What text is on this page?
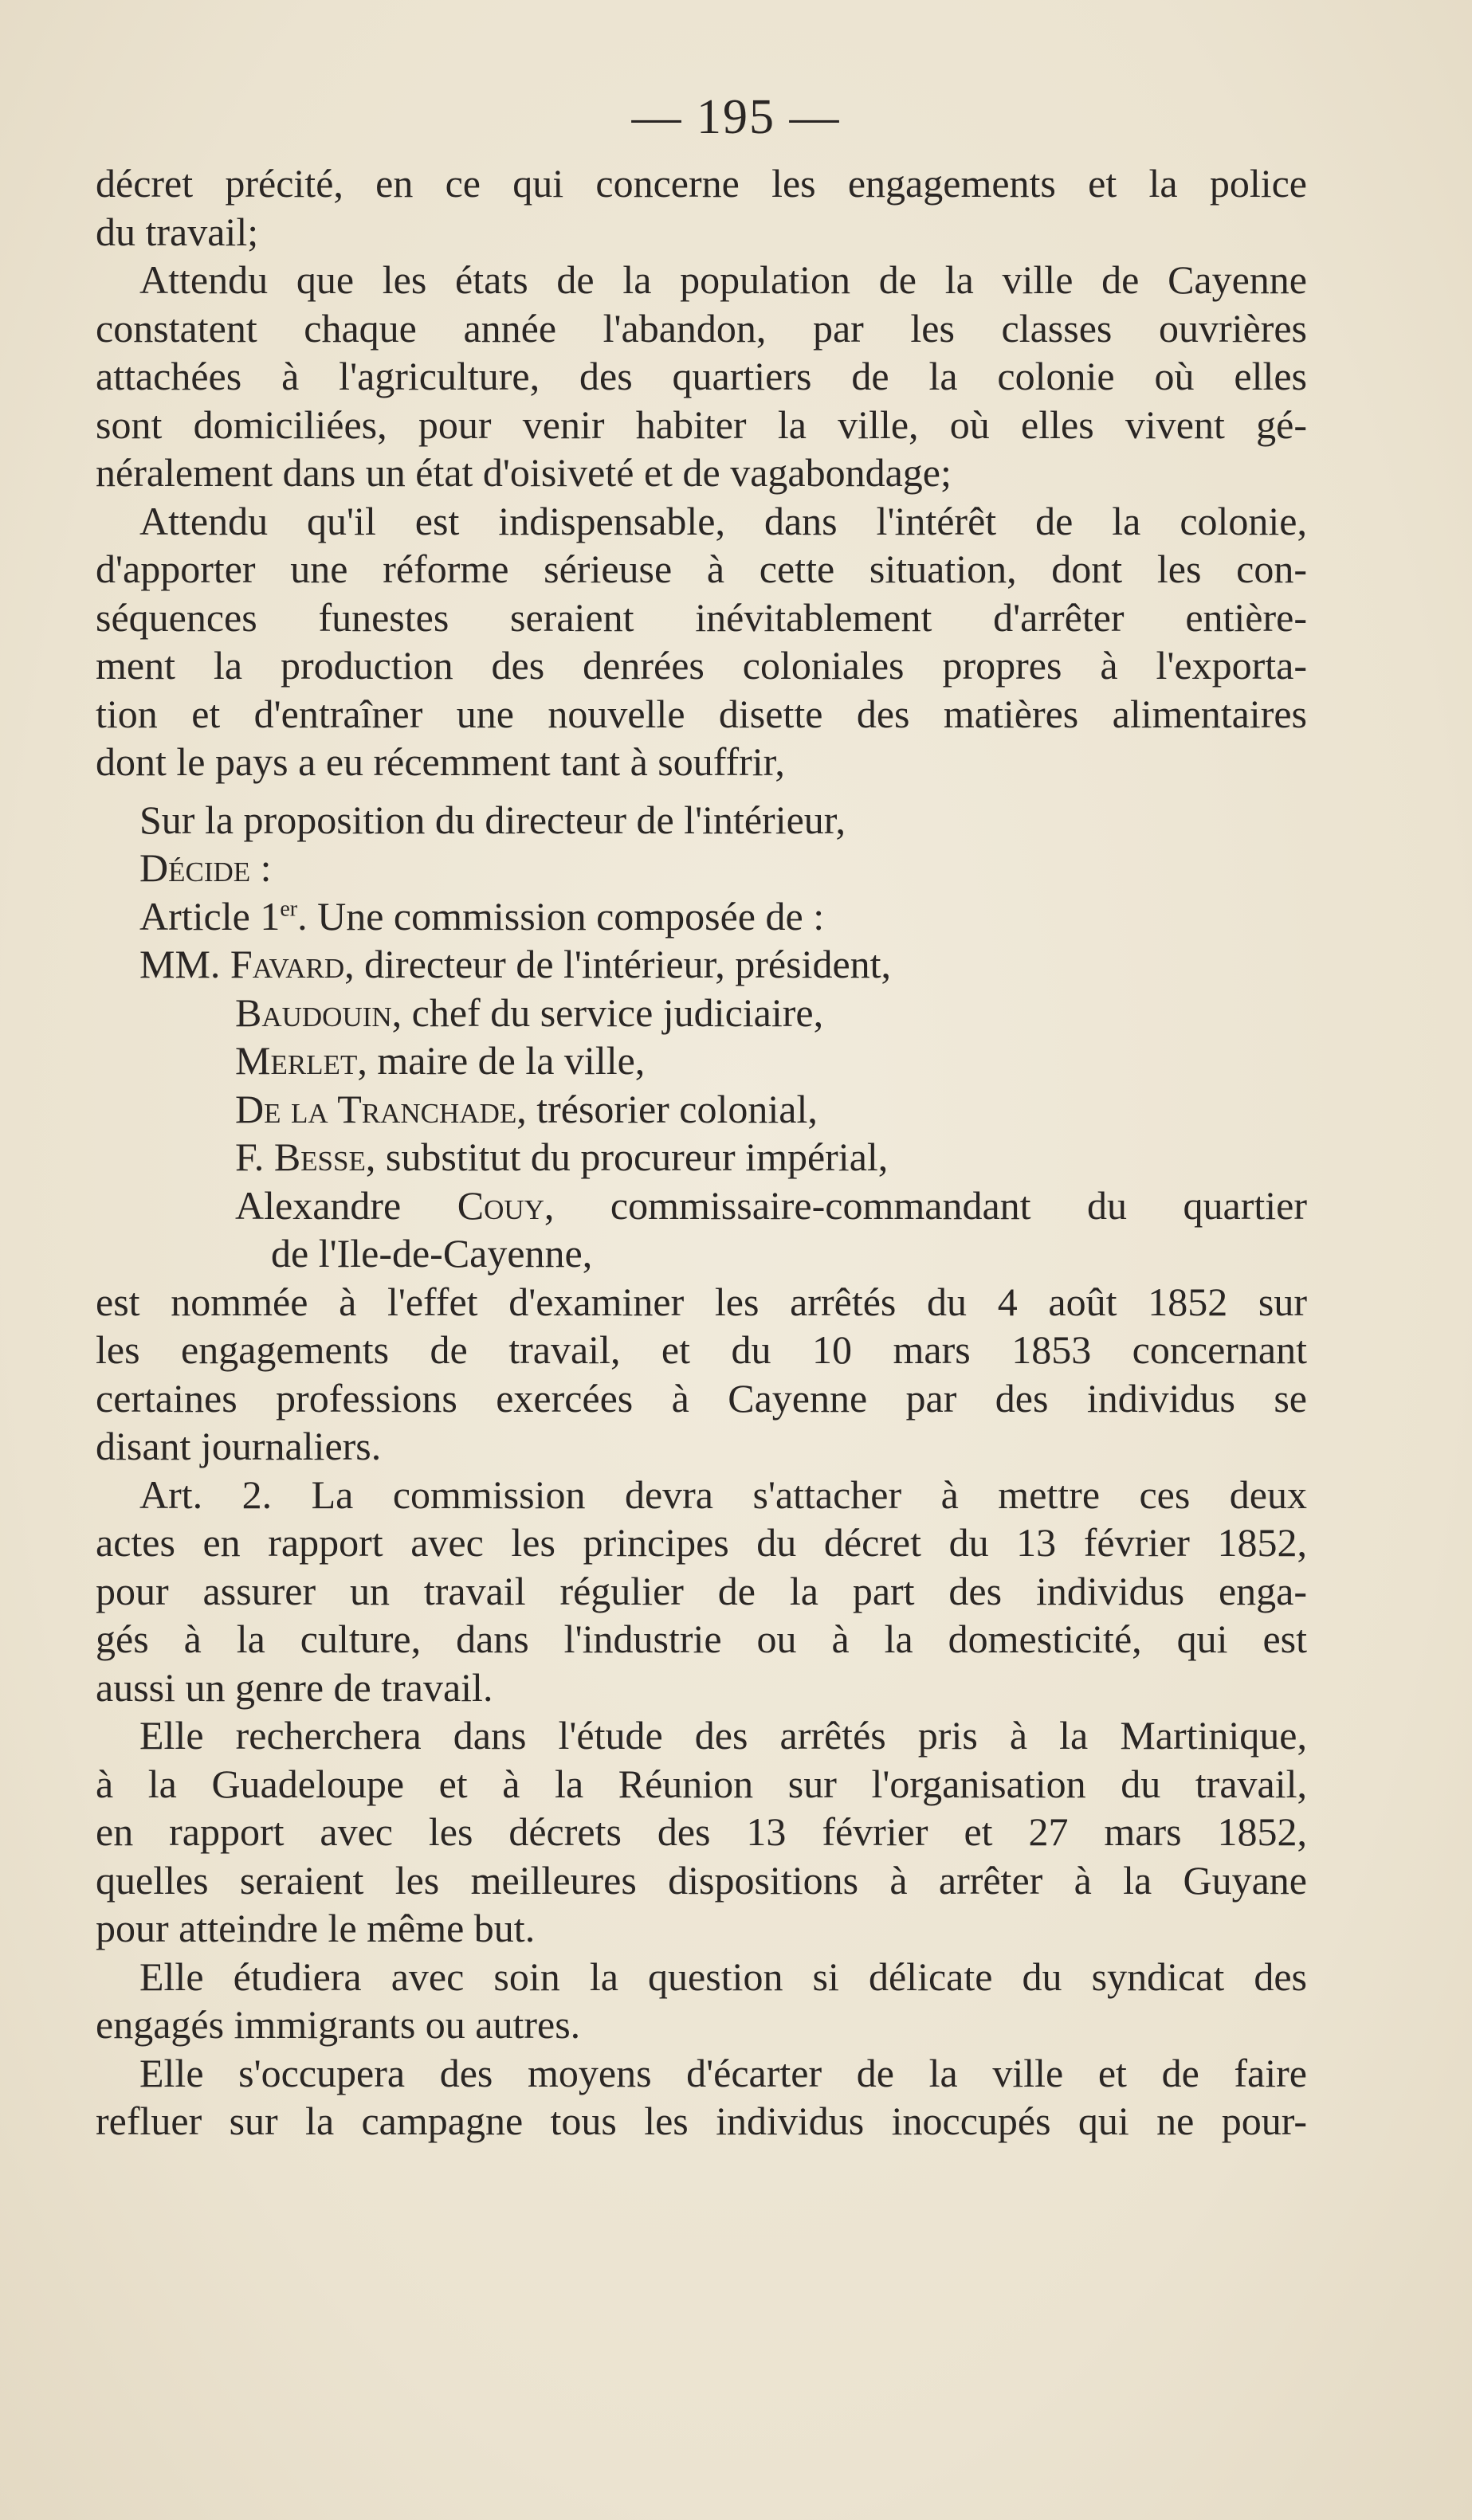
— 195 —
décret précité, en ce qui concerne les engagements et la police
du travail;
Attendu que les états de la population de la ville de Cayenne
constatent chaque année l'abandon, par les classes ouvrières
attachées à l'agriculture, des quartiers de la colonie où elles
sont domiciliées, pour venir habiter la ville, où elles vivent gé-
néralement dans un état d'oisiveté et de vagabondage;
Attendu qu'il est indispensable, dans l'intérêt de la colonie,
d'apporter une réforme sérieuse à cette situation, dont les con-
séquences funestes seraient inévitablement d'arrêter entière-
ment la production des denrées coloniales propres à l'exporta-
tion et d'entraîner une nouvelle disette des matières alimentaires
dont le pays a eu récemment tant à souffrir,
Sur la proposition du directeur de l'intérieur,
Décide :
Article 1er. Une commission composée de :
MM. Favard, directeur de l'intérieur, président,
Baudouin, chef du service judiciaire,
Merlet, maire de la ville,
De la Tranchade, trésorier colonial,
F. Besse, substitut du procureur impérial,
Alexandre Couy, commissaire-commandant du quartier
de l'Ile-de-Cayenne,
est nommée à l'effet d'examiner les arrêtés du 4 août 1852 sur
les engagements de travail, et du 10 mars 1853 concernant
certaines professions exercées à Cayenne par des individus se
disant journaliers.
Art. 2. La commission devra s'attacher à mettre ces deux
actes en rapport avec les principes du décret du 13 février 1852,
pour assurer un travail régulier de la part des individus enga-
gés à la culture, dans l'industrie ou à la domesticité, qui est
aussi un genre de travail.
Elle recherchera dans l'étude des arrêtés pris à la Martinique,
à la Guadeloupe et à la Réunion sur l'organisation du travail,
en rapport avec les décrets des 13 février et 27 mars 1852,
quelles seraient les meilleures dispositions à arrêter à la Guyane
pour atteindre le même but.
Elle étudiera avec soin la question si délicate du syndicat des
engagés immigrants ou autres.
Elle s'occupera des moyens d'écarter de la ville et de faire
refluer sur la campagne tous les individus inoccupés qui ne pour-
